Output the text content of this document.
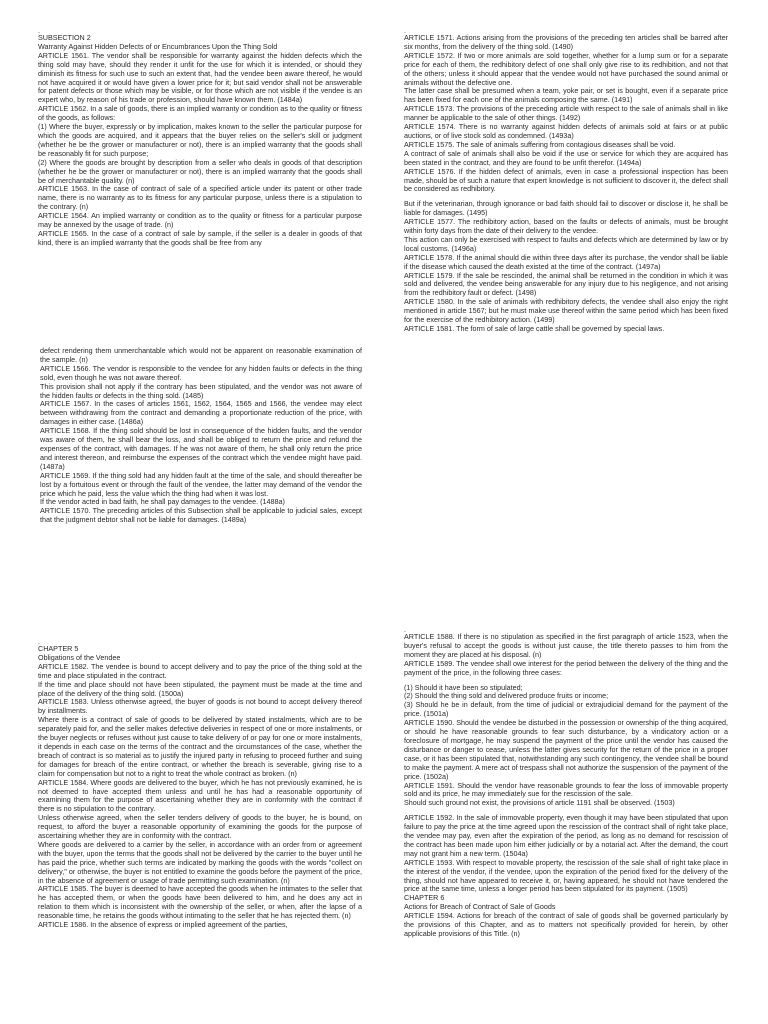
.

SUBSECTION 2

Warranty Against Hidden Defects of or Encumbrances Upon the Thing Sold

ARTICLE 1561. The vendor shall be responsible for warranty against the hidden defects which the thing sold may have, should they render it unfit for the use for which it is intended, or should they diminish its fitness for such use to such an extent that, had the vendee been aware thereof, he would not have acquired it or would have given a lower price for it; but said vendor shall not be answerable for patent defects or those which may be visible, or for those which are not visible if the vendee is an expert who, by reason of his trade or profession, should have known them. (1484a)

ARTICLE 1562. In a sale of goods, there is an implied warranty or condition as to the quality or fitness of the goods, as follows:

(1) Where the buyer, expressly or by implication, makes known to the seller the particular purpose for which the goods are acquired, and it appears that the buyer relies on the seller's skill or judgment (whether he be the grower or manufacturer or not), there is an implied warranty that the goods shall be reasonably fit for such purpose;

(2) Where the goods are brought by description from a seller who deals in goods of that description (whether he be the grower or manufacturer or not), there is an implied warranty that the goods shall be of merchantable quality. (n)

ARTICLE 1563. In the case of contract of sale of a specified article under its patent or other trade name, there is no warranty as to its fitness for any particular purpose, unless there is a stipulation to the contrary. (n)

ARTICLE 1564. An implied warranty or condition as to the quality or fitness for a particular purpose may be annexed by the usage of trade. (n)

ARTICLE 1565. In the case of a contract of sale by sample, if the seller is a dealer in goods of that kind, there is an implied warranty that the goods shall be free from any

defect rendering them unmerchantable which would not be apparent on reasonable examination of the sample. (n)

ARTICLE 1566. The vendor is responsible to the vendee for any hidden faults or defects in the thing sold, even though he was not aware thereof.

This provision shall not apply if the contrary has been stipulated, and the vendor was not aware of the hidden faults or defects in the thing sold. (1485)

ARTICLE 1567. In the cases of articles 1561, 1562, 1564, 1565 and 1566, the vendee may elect between withdrawing from the contract and demanding a proportionate reduction of the price, with damages in either case. (1486a)

ARTICLE 1568. If the thing sold should be lost in consequence of the hidden faults, and the vendor was aware of them, he shall bear the loss, and shall be obliged to return the price and refund the expenses of the contract, with damages. If he was not aware of them, he shall only return the price and interest thereon, and reimburse the expenses of the contract which the vendee might have paid. (1487a)

ARTICLE 1569. If the thing sold had any hidden fault at the time of the sale, and should thereafter be lost by a fortuitous event or through the fault of the vendee, the latter may demand of the vendor the price which he paid, less the value which the thing had when it was lost.

If the vendor acted in bad faith, he shall pay damages to the vendee. (1488a)

ARTICLE 1570. The preceding articles of this Subsection shall be applicable to judicial sales, except that the judgment debtor shall not be liable for damages. (1489a)

.

ARTICLE 1571. Actions arising from the provisions of the preceding ten articles shall be barred after six months, from the delivery of the thing sold. (1490)

ARTICLE 1572. If two or more animals are sold together, whether for a lump sum or for a separate price for each of them, the redhibitory defect of one shall only give rise to its redhibition, and not that of the others; unless it should appear that the vendee would not have purchased the sound animal or animals without the defective one.

The latter case shall be presumed when a team, yoke pair, or set is bought, even if a separate price has been fixed for each one of the animals composing the same. (1491)

ARTICLE 1573. The provisions of the preceding article with respect to the sale of animals shall in like manner be applicable to the sale of other things. (1492)

ARTICLE 1574. There is no warranty against hidden defects of animals sold at fairs or at public auctions, or of live stock sold as condemned. (1493a)

ARTICLE 1575. The sale of animals suffering from contagious diseases shall be void.

A contract of sale of animals shall also be void if the use or service for which they are acquired has been stated in the contract, and they are found to be unfit therefor. (1494a)

ARTICLE 1576. If the hidden defect of animals, even in case a professional inspection has been made, should be of such a nature that expert knowledge is not sufficient to discover it, the defect shall be considered as redhibitory.

But if the veterinarian, through ignorance or bad faith should fail to discover or disclose it, he shall be liable for damages. (1495)

ARTICLE 1577. The redhibitory action, based on the faults or defects of animals, must be brought within forty days from the date of their delivery to the vendee.

This action can only be exercised with respect to faults and defects which are determined by law or by local customs. (1496a)

ARTICLE 1578. If the animal should die within three days after its purchase, the vendor shall be liable if the disease which caused the death existed at the time of the contract. (1497a)

ARTICLE 1579. If the sale be rescinded, the animal shall be returned in the condition in which it was sold and delivered, the vendee being answerable for any injury due to his negligence, and not arising from the redhibitory fault or defect. (1498)

ARTICLE 1580. In the sale of animals with redhibitory defects, the vendee shall also enjoy the right mentioned in article 1567; but he must make use thereof within the same period which has been fixed for the exercise of the redhibitory action. (1499)

ARTICLE 1581. The form of sale of large cattle shall be governed by special laws.

.

CHAPTER 5

Obligations of the Vendee

ARTICLE 1582. The vendee is bound to accept delivery and to pay the price of the thing sold at the time and place stipulated in the contract.

If the time and place should not have been stipulated, the payment must be made at the time and place of the delivery of the thing sold. (1500a)

ARTICLE 1583. Unless otherwise agreed, the buyer of goods is not bound to accept delivery thereof by installments.

Where there is a contract of sale of goods to be delivered by stated instalments, which are to be separately paid for, and the seller makes defective deliveries in respect of one or more instalments, or the buyer neglects or refuses without just cause to take delivery of or pay for one or more instalments, it depends in each case on the terms of the contract and the circumstances of the case, whether the breach of contract is so material as to justify the injured party in refusing to proceed further and suing for damages for breach of the entire contract, or whether the breach is severable, giving rise to a claim for compensation but not to a right to treat the whole contract as broken. (n)

ARTICLE 1584. Where goods are delivered to the buyer, which he has not previously examined, he is not deemed to have accepted them unless and until he has had a reasonable opportunity of examining them for the purpose of ascertaining whether they are in conformity with the contract if there is no stipulation to the contrary.

Unless otherwise agreed, when the seller tenders delivery of goods to the buyer, he is bound, on request, to afford the buyer a reasonable opportunity of examining the goods for the purpose of ascertaining whether they are in conformity with the contract.

Where goods are delivered to a carrier by the seller, in accordance with an order from or agreement with the buyer, upon the terms that the goods shall not be delivered by the carrier to the buyer until he has paid the price, whether such terms are indicated by marking the goods with the words "collect on delivery," or otherwise, the buyer is not entitled to examine the goods before the payment of the price, in the absence of agreement or usage of trade permitting such examination. (n)

ARTICLE 1585. The buyer is deemed to have accepted the goods when he intimates to the seller that he has accepted them, or when the goods have been delivered to him, and he does any act in relation to them which is inconsistent with the ownership of the seller, or when, after the lapse of a reasonable time, he retains the goods without intimating to the seller that he has rejected them. (n)

ARTICLE 1586. In the absence of express or implied agreement of the parties,

.

ARTICLE 1588. If there is no stipulation as specified in the first paragraph of article 1523, when the buyer's refusal to accept the goods is without just cause, the title thereto passes to him from the moment they are placed at his disposal. (n)

ARTICLE 1589. The vendee shall owe interest for the period between the delivery of the thing and the payment of the price, in the following three cases:

(1) Should it have been so stipulated;

(2) Should the thing sold and delivered produce fruits or income;

(3) Should he be in default, from the time of judicial or extrajudicial demand for the payment of the price. (1501a)

ARTICLE 1590. Should the vendee be disturbed in the possession or ownership of the thing acquired, or should he have reasonable grounds to fear such disturbance, by a vindicatory action or a foreclosure of mortgage, he may suspend the payment of the price until the vendor has caused the disturbance or danger to cease, unless the latter gives security for the return of the price in a proper case, or it has been stipulated that, notwithstanding any such contingency, the vendee shall be bound to make the payment. A mere act of trespass shall not authorize the suspension of the payment of the price. (1502a)

ARTICLE 1591. Should the vendor have reasonable grounds to fear the loss of immovable property sold and its price, he may immediately sue for the rescission of the sale.

Should such ground not exist, the provisions of article 1191 shall be observed. (1503)

ARTICLE 1592. In the sale of immovable property, even though it may have been stipulated that upon failure to pay the price at the time agreed upon the rescission of the contract shall of right take place, the vendee may pay, even after the expiration of the period, as long as no demand for rescission of the contract has been made upon him either judicially or by a notarial act. After the demand, the court may not grant him a new term. (1504a)

ARTICLE 1593. With respect to movable property, the rescission of the sale shall of right take place in the interest of the vendor, if the vendee, upon the expiration of the period fixed for the delivery of the thing, should not have appeared to receive it, or, having appeared, he should not have tendered the price at the same time, unless a longer period has been stipulated for its payment. (1505)

CHAPTER 6

Actions for Breach of Contract of Sale of Goods

ARTICLE 1594. Actions for breach of the contract of sale of goods shall be governed particularly by the provisions of this Chapter, and as to matters not specifically provided for herein, by other applicable provisions of this Title. (n)
